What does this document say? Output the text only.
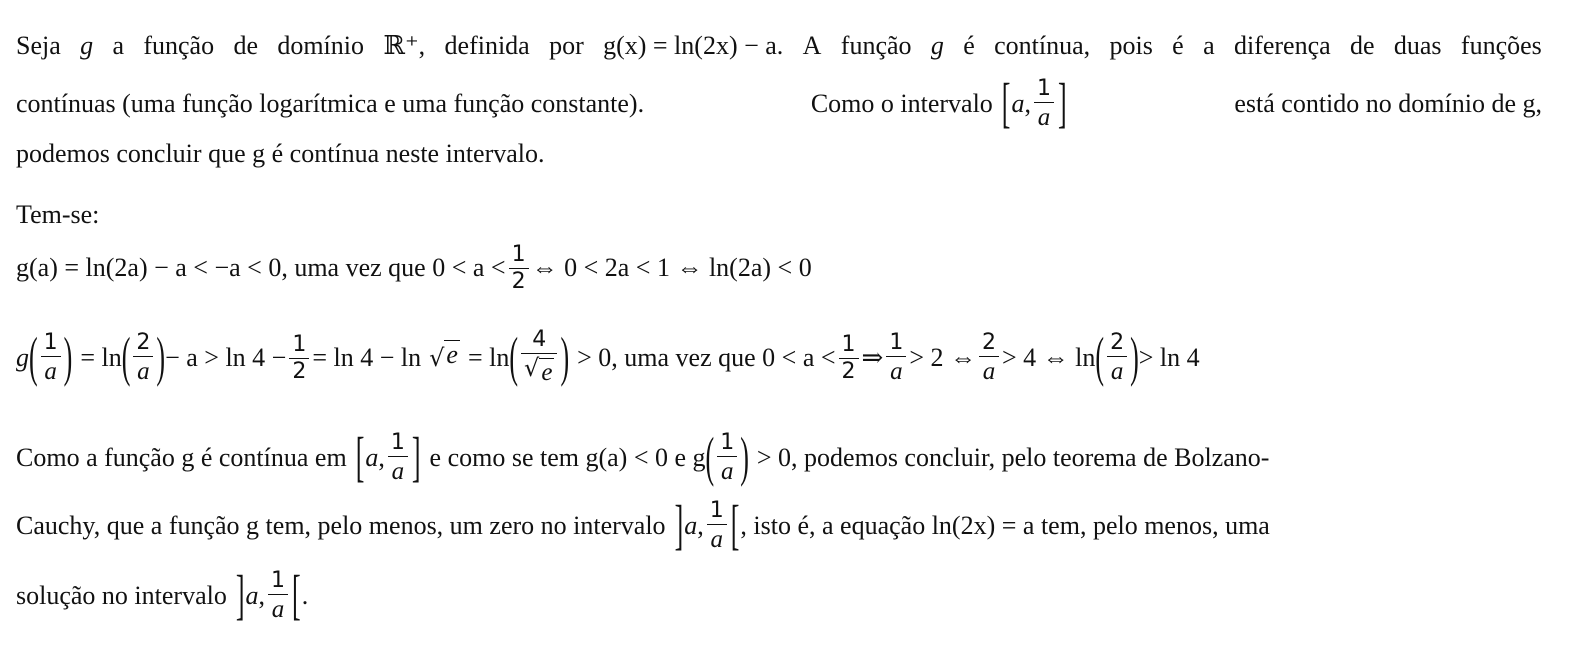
Seja g a função de domínio ℝ⁺, definida por g(x) = ln(2x) − a. A função g é contínua, pois é a diferença de duas funções
contínuas (uma função logarítmica e uma função constante).	Como o intervalo [ a , $\frac{1}{a}$ ]	está contido no domínio de g,
podemos concluir que g é contínua neste intervalo.
Tem-se:
g(a) = ln(2a) − a < −a < 0, uma vez que $0 < a < \frac{1}{2}$ ⇔ 0 < 2a < 1 ⇔ ln(2a) < 0
g ( $\frac{1}{a}$ ) = ln ( $\frac{2}{a}$ ) − $a > \ln 4 - \frac{1}{2} = \ln 4 - \ln$ √ e = ln ( $\frac{4}{√ e}$ ) > 0, uma vez que $0 < a < \frac{1}{2}$ ⇒ $\frac{1}{a} > 2$ ⇔ $\frac{2}{a} > 4$ ⇔ ln ( $\frac{2}{a}$ ) > ln 4
Como a função g é contínua em [ a , $\frac{1}{a}$ ] e como se tem g(a) < 0 e g ( $\frac{1}{a}$ ) > 0, podemos concluir, pelo teorema de Bolzano-
Cauchy, que a função g tem, pelo menos, um zero no intervalo ] a , $\frac{1}{a}$ [ , isto é, a equação ln(2x) = a tem, pelo menos, uma
solução no intervalo ] a , $\frac{1}{a}$ [ .
